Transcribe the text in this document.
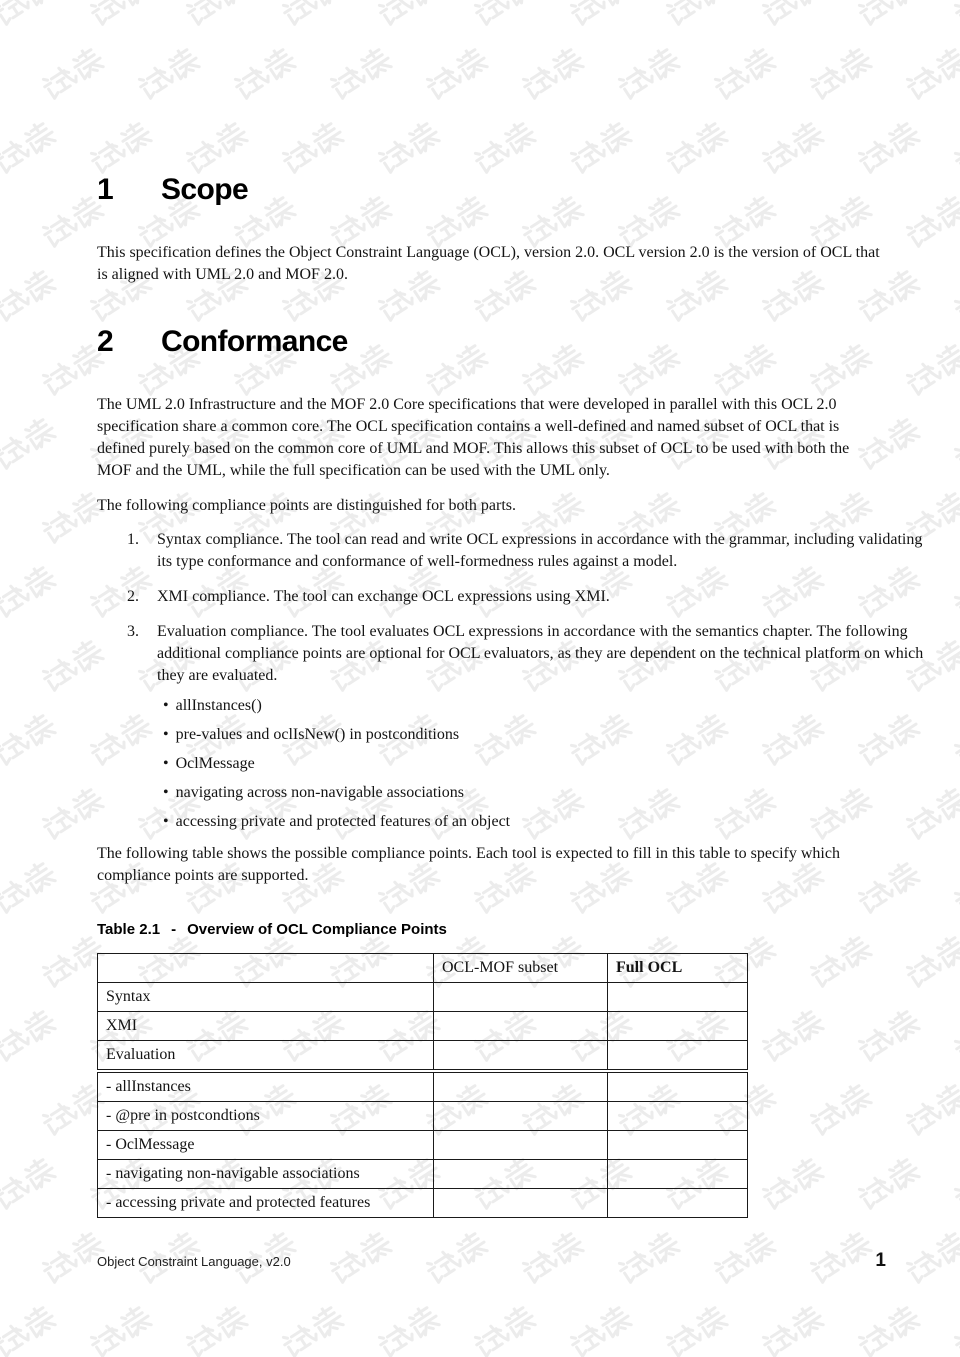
1	Scope

This specification defines the Object Constraint Language (OCL), version 2.0. OCL version 2.0 is the version of OCL that is aligned with UML 2.0 and MOF 2.0.

2	Conformance

The UML 2.0 Infrastructure and the MOF 2.0 Core specifications that were developed in parallel with this OCL 2.0 specification share a common core. The OCL specification contains a well-defined and named subset of OCL that is defined purely based on the common core of UML and MOF. This allows this subset of OCL to be used with both the MOF and the UML, while the full specification can be used with the UML only.

The following compliance points are distinguished for both parts.

1.	Syntax compliance. The tool can read and write OCL expressions in accordance with the grammar, including validating its type conformance and conformance of well-formedness rules against a model.
2.	XMI compliance. The tool can exchange OCL expressions using XMI.
3.	Evaluation compliance. The tool evaluates OCL expressions in accordance with the semantics chapter. The following additional compliance points are optional for OCL evaluators, as they are dependent on the technical platform on which they are evaluated.
• allInstances()
• pre-values and oclIsNew() in postconditions
• OclMessage
• navigating across non-navigable associations
• accessing private and protected features of an object

The following table shows the possible compliance points. Each tool is expected to fill in this table to specify which compliance points are supported.

Table 2.1 - Overview of OCL Compliance Points
	OCL-MOF subset	Full OCL
Syntax		
XMI		
Evaluation		
- allInstances		
- @pre in postcondtions		
- OclMessage		
- navigating non-navigable associations		
- accessing private and protected features		
Object Constraint Language, v2.0	1
